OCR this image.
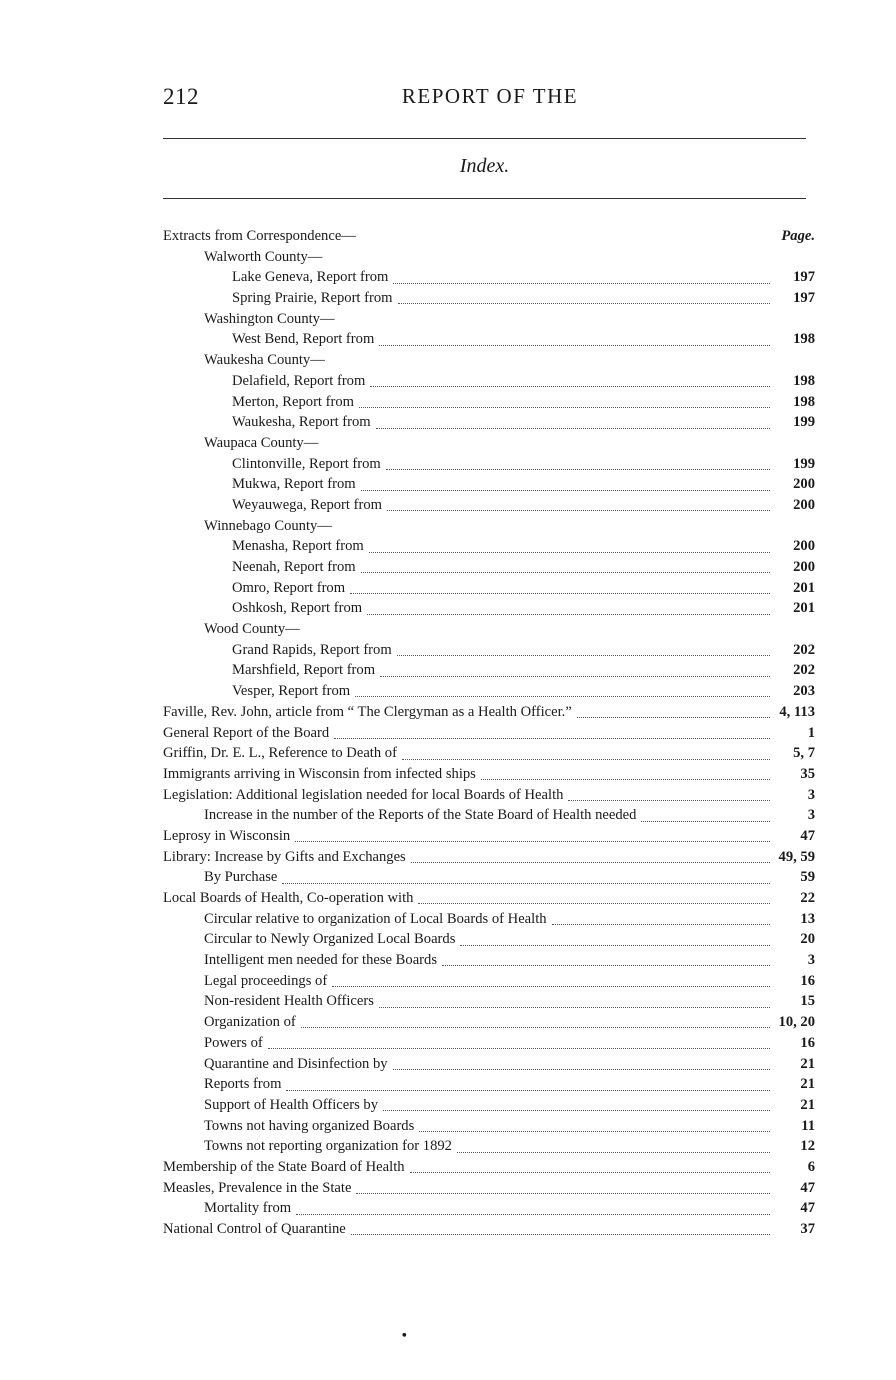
212	REPORT OF THE
Index.
Extracts from Correspondence—	Page.
Walworth County—
Lake Geneva, Report from	197
Spring Prairie, Report from	197
Washington County—
West Bend, Report from	198
Waukesha County—
Delafield, Report from	198
Merton, Report from	198
Waukesha, Report from	199
Waupaca County—
Clintonville, Report from	199
Mukwa, Report from	200
Weyauwega, Report from	200
Winnebago County—
Menasha, Report from	200
Neenah, Report from	200
Omro, Report from	201
Oshkosh, Report from	201
Wood County—
Grand Rapids, Report from	202
Marshfield, Report from	202
Vesper, Report from	203
Faville, Rev. John, article from “ The Clergyman as a Health Officer.”	4, 113
General Report of the Board	1
Griffin, Dr. E. L., Reference to Death of	5, 7
Immigrants arriving in Wisconsin from infected ships	35
Legislation: Additional legislation needed for local Boards of Health	3
Increase in the number of the Reports of the State Board of Health needed	3
Leprosy in Wisconsin	47
Library: Increase by Gifts and Exchanges	49, 59
By Purchase	59
Local Boards of Health, Co-operation with	22
Circular relative to organization of Local Boards of Health	13
Circular to Newly Organized Local Boards	20
Intelligent men needed for these Boards	3
Legal proceedings of	16
Non-resident Health Officers	15
Organization of	10, 20
Powers of	16
Quarantine and Disinfection by	21
Reports from	21
Support of Health Officers by	21
Towns not having organized Boards	11
Towns not reporting organization for 1892	12
Membership of the State Board of Health	6
Measles, Prevalence in the State	47
Mortality from	47
National Control of Quarantine	37
•
